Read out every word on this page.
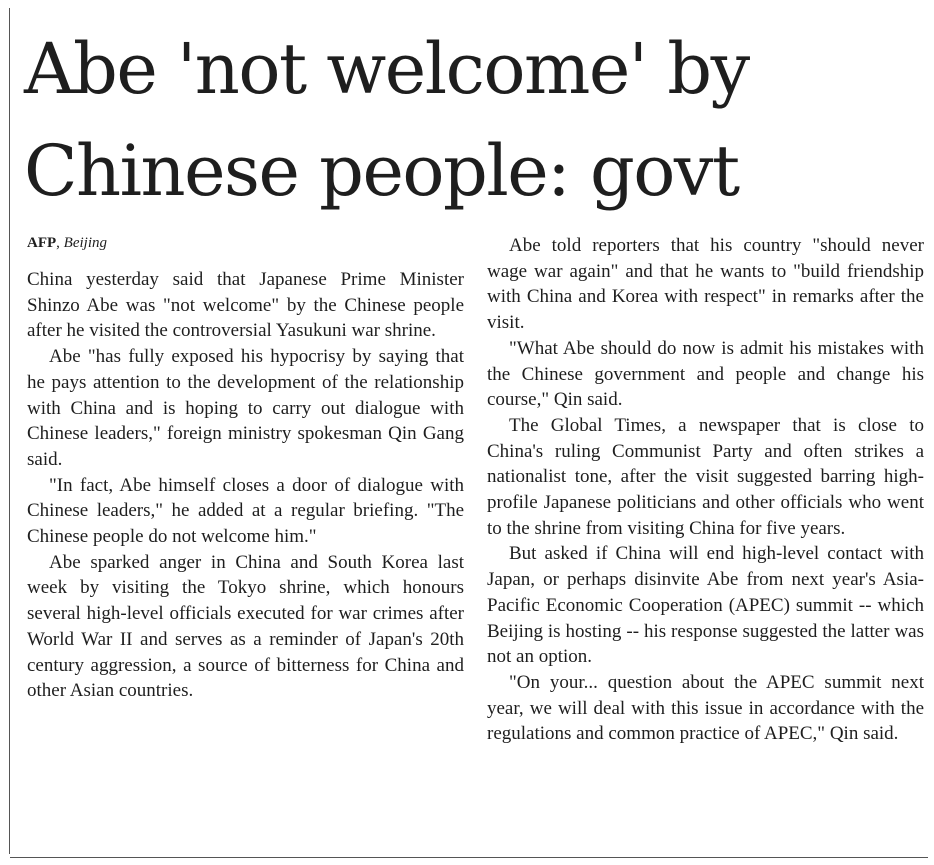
Abe 'not welcome' by
Chinese people: govt
AFP, Beijing

China yesterday said that Japanese Prime Minister Shinzo Abe was "not welcome" by the Chinese people after he visited the controversial Yasukuni war shrine.

Abe "has fully exposed his hypocrisy by saying that he pays attention to the development of the relationship with China and is hoping to carry out dialogue with Chinese leaders," foreign ministry spokesman Qin Gang said.

"In fact, Abe himself closes a door of dialogue with Chinese leaders," he added at a regular briefing. "The Chinese people do not welcome him."

Abe sparked anger in China and South Korea last week by visiting the Tokyo shrine, which honours several high-level officials executed for war crimes after World War II and serves as a reminder of Japan's 20th century aggression, a source of bitterness for China and other Asian countries.

Abe told reporters that his country "should never wage war again" and that he wants to "build friendship with China and Korea with respect" in remarks after the visit.

"What Abe should do now is admit his mistakes with the Chinese government and people and change his course," Qin said.

The Global Times, a newspaper that is close to China's ruling Communist Party and often strikes a nationalist tone, after the visit suggested barring high-profile Japanese politicians and other officials who went to the shrine from visiting China for five years.

But asked if China will end high-level contact with Japan, or perhaps disinvite Abe from next year's Asia-Pacific Economic Cooperation (APEC) summit -- which Beijing is hosting -- his response suggested the latter was not an option.

"On your... question about the APEC summit next year, we will deal with this issue in accordance with the regulations and common practice of APEC," Qin said.
